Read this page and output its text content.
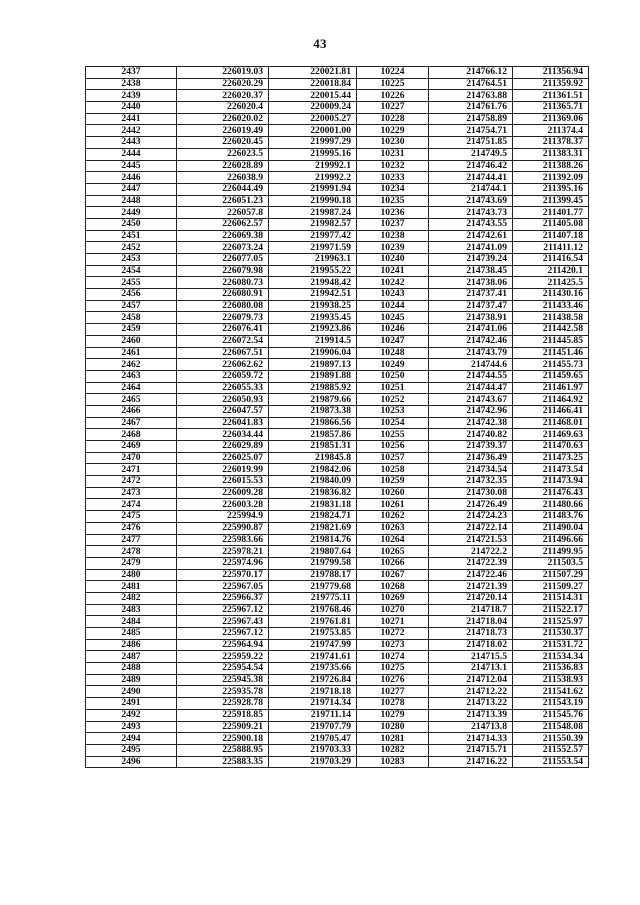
43
2437	226019.03	220021.81	10224	214766.12	211356.94
2438	226020.29	220018.84	10225	214764.51	211359.92
2439	226020.37	220015.44	10226	214763.88	211361.51
2440	226020.4	220009.24	10227	214761.76	211365.71
2441	226020.02	220005.27	10228	214758.89	211369.06
2442	226019.49	220001.00	10229	214754.71	211374.4
2443	226020.45	219997.29	10230	214751.85	211378.37
2444	226023.5	219995.16	10231	214749.5	211383.31
2445	226028.89	219992.1	10232	214746.42	211388.26
2446	226038.9	219992.2	10233	214744.41	211392.09
2447	226044.49	219991.94	10234	214744.1	211395.16
2448	226051.23	219990.18	10235	214743.69	211399.45
2449	226057.8	219987.24	10236	214743.73	211401.77
2450	226062.57	219982.57	10237	214743.55	211405.08
2451	226069.38	219977.42	10238	214742.61	211407.18
2452	226073.24	219971.59	10239	214741.09	211411.12
2453	226077.05	219963.1	10240	214739.24	211416.54
2454	226079.98	219955.22	10241	214738.45	211420.1
2455	226080.73	219948.42	10242	214738.06	211425.5
2456	226080.91	219942.51	10243	214737.41	211430.16
2457	226080.08	219938.25	10244	214737.47	211433.46
2458	226079.73	219935.45	10245	214738.91	211438.58
2459	226076.41	219923.86	10246	214741.06	211442.58
2460	226072.54	219914.5	10247	214742.46	211445.85
2461	226067.51	219906.04	10248	214743.79	211451.46
2462	226062.62	219897.13	10249	214744.6	211455.73
2463	226059.72	219891.88	10250	214744.55	211459.65
2464	226055.33	219885.92	10251	214744.47	211461.97
2465	226050.93	219879.66	10252	214743.67	211464.92
2466	226047.57	219873.38	10253	214742.96	211466.41
2467	226041.83	219866.56	10254	214742.38	211468.01
2468	226034.44	219857.86	10255	214740.82	211469.63
2469	226029.89	219851.31	10256	214739.37	211470.63
2470	226025.07	219845.8	10257	214736.49	211473.25
2471	226019.99	219842.06	10258	214734.54	211473.54
2472	226015.53	219840.09	10259	214732.35	211473.94
2473	226009.28	219836.82	10260	214730.08	211476.43
2474	226003.28	219831.18	10261	214726.49	211480.66
2475	225994.9	219824.71	10262	214724.23	211483.76
2476	225990.87	219821.69	10263	214722.14	211490.04
2477	225983.66	219814.76	10264	214721.53	211496.66
2478	225978.21	219807.64	10265	214722.2	211499.95
2479	225974.96	219799.58	10266	214722.39	211503.5
2480	225970.17	219788.17	10267	214722.46	211507.29
2481	225967.05	219779.68	10268	214721.39	211509.27
2482	225966.37	219775.11	10269	214720.14	211514.31
2483	225967.12	219768.46	10270	214718.7	211522.17
2484	225967.43	219761.81	10271	214718.04	211525.97
2485	225967.12	219753.85	10272	214718.73	211530.37
2486	225964.94	219747.99	10273	214718.02	211531.72
2487	225959.22	219741.61	10274	214715.5	211534.34
2488	225954.54	219735.66	10275	214713.1	211536.83
2489	225945.38	219726.84	10276	214712.04	211538.93
2490	225935.78	219718.18	10277	214712.22	211541.62
2491	225928.78	219714.34	10278	214713.22	211543.19
2492	225918.85	219711.14	10279	214713.39	211545.76
2493	225909.21	219707.79	10280	214713.8	211548.08
2494	225900.18	219705.47	10281	214714.33	211550.39
2495	225888.95	219703.33	10282	214715.71	211552.57
2496	225883.35	219703.29	10283	214716.22	211553.54
